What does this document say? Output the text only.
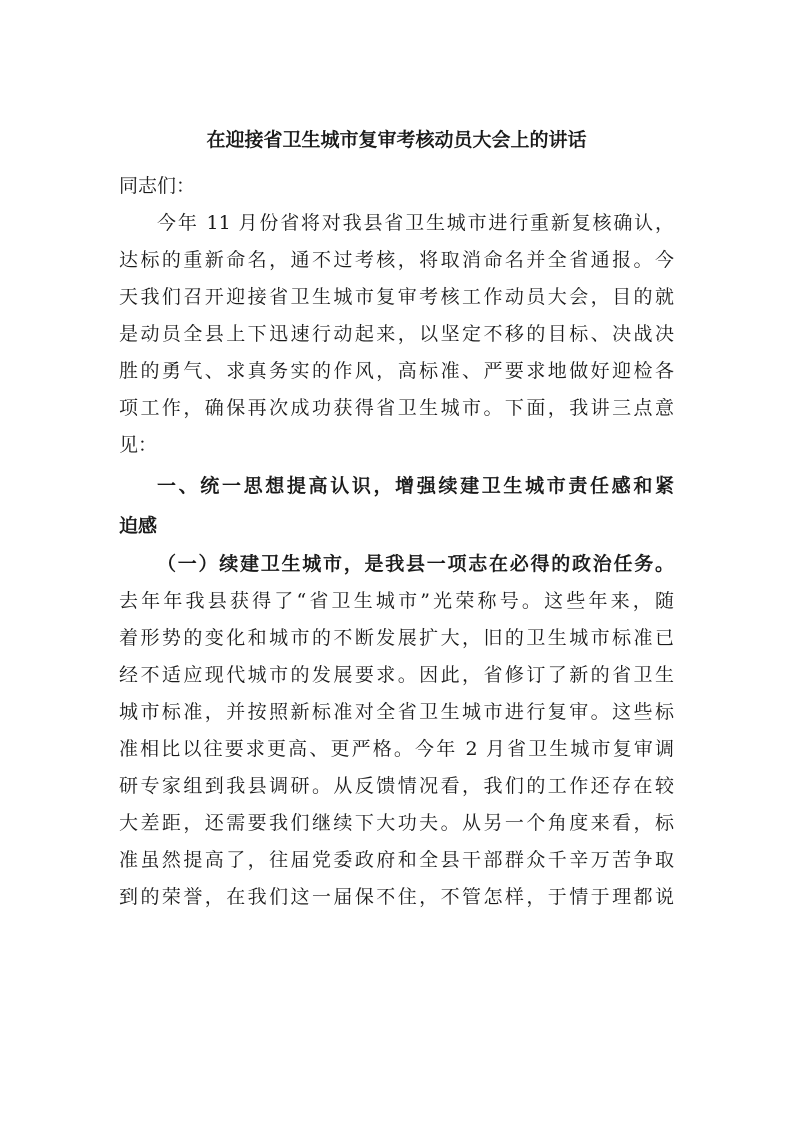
在迎接省卫生城市复审考核动员大会上的讲话
同志们：
今年 11 月份省将对我县省卫生城市进行重新复核确认，
达标的重新命名，通不过考核，将取消命名并全省通报。今
天我们召开迎接省卫生城市复审考核工作动员大会，目的就
是动员全县上下迅速行动起来，以坚定不移的目标、决战决
胜的勇气、求真务实的作风，高标准、严要求地做好迎检各
项工作，确保再次成功获得省卫生城市。下面，我讲三点意
见：
一、统一思想提高认识，增强续建卫生城市责任感和紧
迫感
（一）续建卫生城市，是我县一项志在必得的政治任务。
去年年我县获得了“省卫生城市”光荣称号。这些年来，随
着形势的变化和城市的不断发展扩大，旧的卫生城市标准已
经不适应现代城市的发展要求。因此，省修订了新的省卫生
城市标准，并按照新标准对全省卫生城市进行复审。这些标
准相比以往要求更高、更严格。今年 2 月省卫生城市复审调
研专家组到我县调研。从反馈情况看，我们的工作还存在较
大差距，还需要我们继续下大功夫。从另一个角度来看，标
准虽然提高了，往届党委政府和全县干部群众千辛万苦争取
到的荣誉，在我们这一届保不住，不管怎样，于情于理都说
